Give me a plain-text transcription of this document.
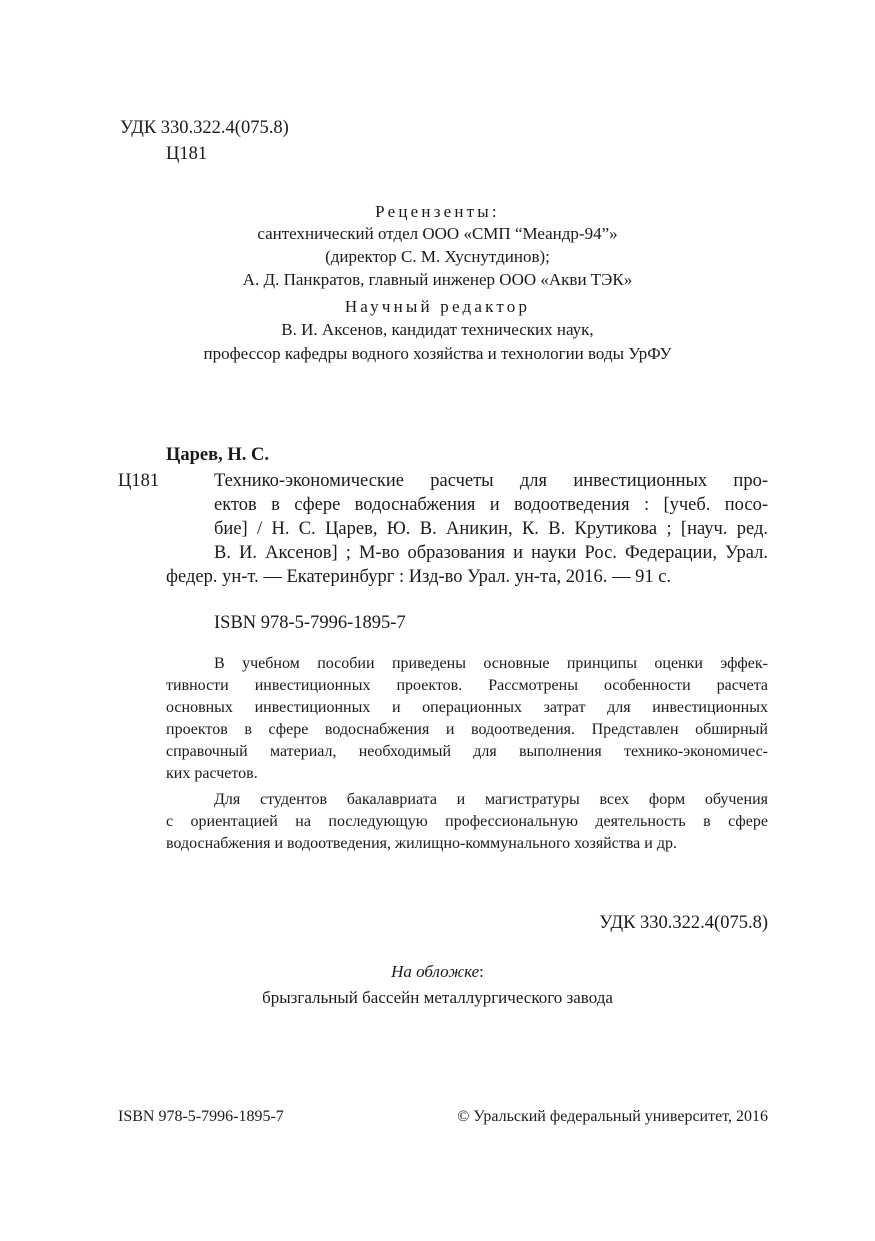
УДК 330.322.4(075.8)
Ц181
Рецензенты:
сантехнический отдел ООО «СМП “Меандр-94”»
(директор С. М. Хуснутдинов);
А. Д. Панкратов, главный инженер ООО «Акви ТЭК»
Научный редактор
В. И. Аксенов, кандидат технических наук,
профессор кафедры водного хозяйства и технологии воды УрФУ
Царев, Н. С.
Ц181	Технико-экономические расчеты для инвестиционных про-
ектов в сфере водоснабжения и водоотведения : [учеб. посо-
бие] / Н. С. Царев, Ю. В. Аникин, К. В. Крутикова ; [науч. ред.
В. И. Аксенов] ; М-во образования и науки Рос. Федерации, Урал.
федер. ун-т. — Екатеринбург : Изд-во Урал. ун-та, 2016. — 91 с.
ISBN 978-5-7996-1895-7
В учебном пособии приведены основные принципы оценки эффек-
тивности инвестиционных проектов. Рассмотрены особенности расчета
основных инвестиционных и операционных затрат для инвестиционных
проектов в сфере водоснабжения и водоотведения. Представлен обширный
справочный материал, необходимый для выполнения технико-экономичес-
ких расчетов.
Для студентов бакалавриата и магистратуры всех форм обучения
с ориентацией на последующую профессиональную деятельность в сфере
водоснабжения и водоотведения, жилищно-коммунального хозяйства и др.
УДК 330.322.4(075.8)
На обложке:
брызгальный бассейн металлургического завода
ISBN 978-5-7996-1895-7	© Уральский федеральный университет, 2016
